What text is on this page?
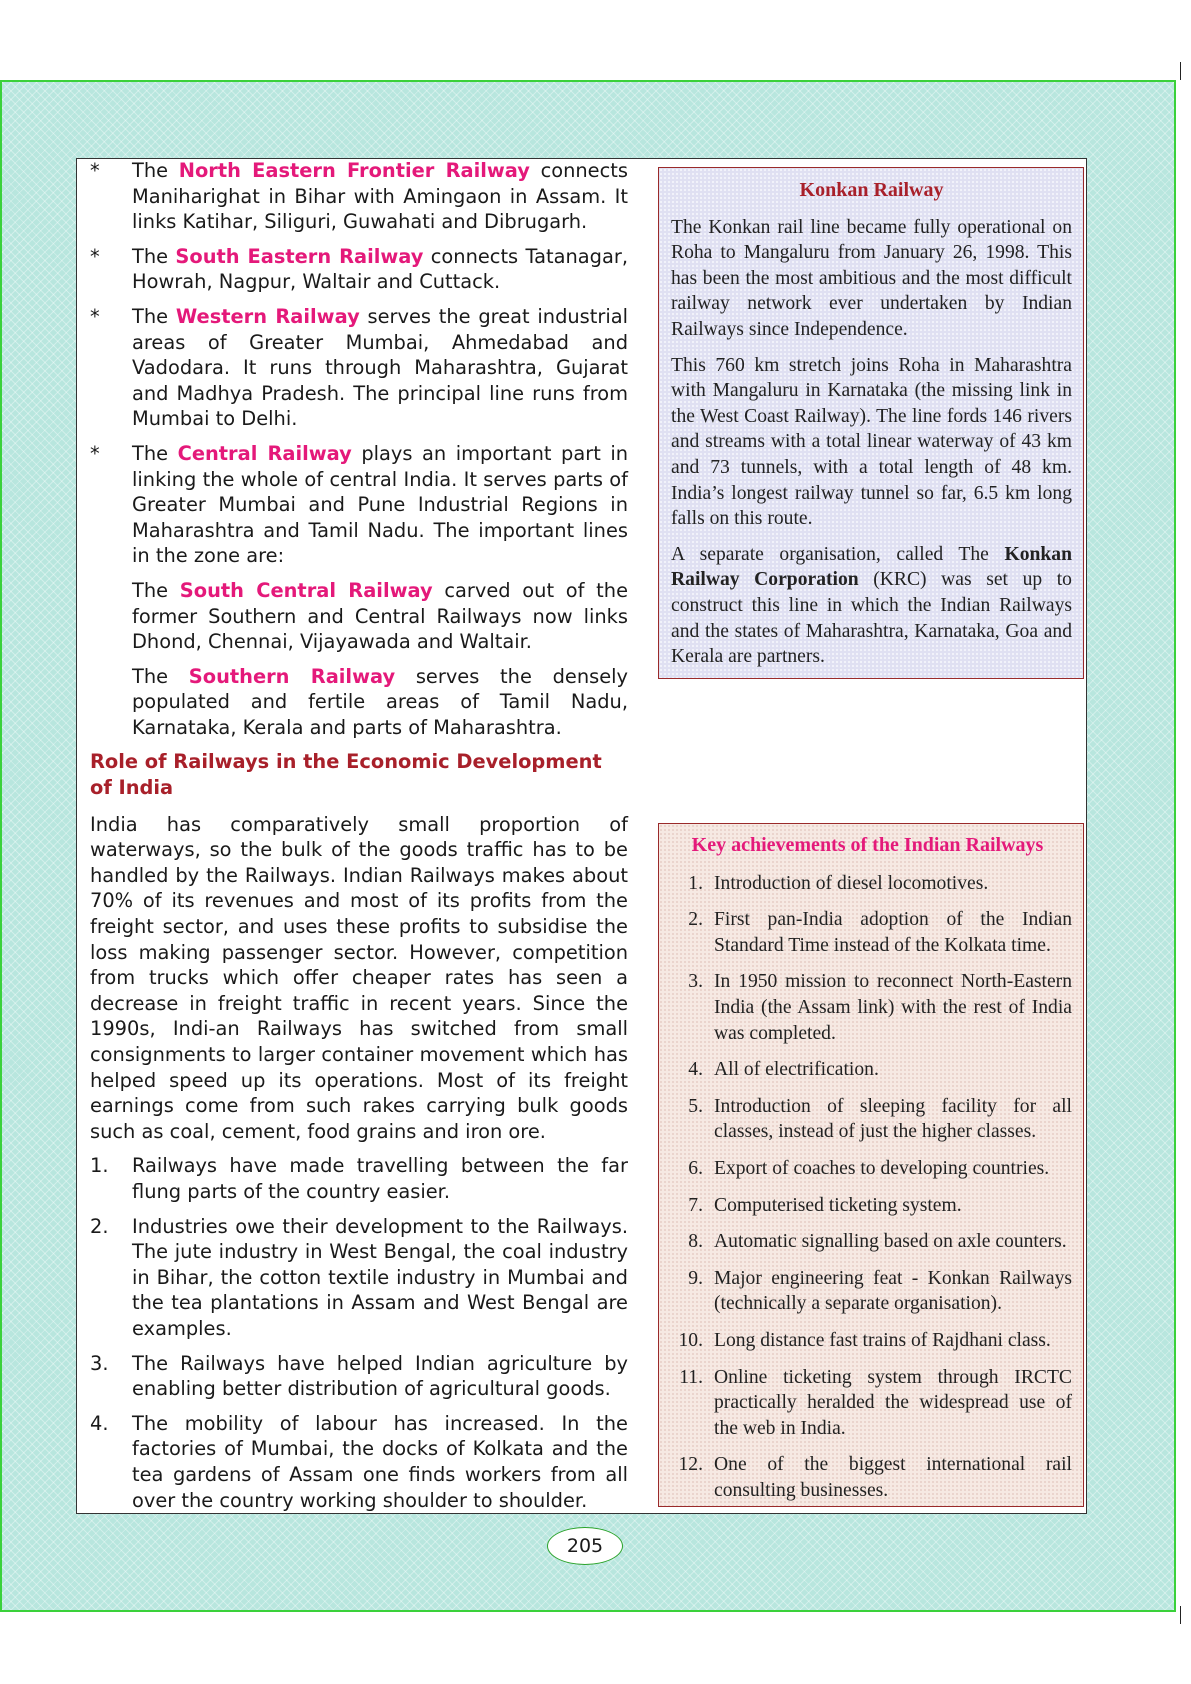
*	The North Eastern Frontier Railway connects Maniharighat in Bihar with Amingaon in Assam. It links Katihar, Siliguri, Guwahati and Dibrugarh.
*	The South Eastern Railway connects Tatanagar, Howrah, Nagpur, Waltair and Cuttack.
*	The Western Railway serves the great industrial areas of Greater Mumbai, Ahmedabad and Vadodara. It runs through Maharashtra, Gujarat and Madhya Pradesh. The principal line runs from Mumbai to Delhi.
*	The Central Railway plays an important part in linking the whole of central India. It serves parts of Greater Mumbai and Pune Industrial Regions in Maharashtra and Tamil Nadu. The important lines in the zone are:
The South Central Railway carved out of the former Southern and Central Railways now links Dhond, Chennai, Vijayawada and Waltair.
The Southern Railway serves the densely populated and fertile areas of Tamil Nadu, Karnataka, Kerala and parts of Maharashtra.
Role of Railways in the Economic Development of India
India has comparatively small proportion of waterways, so the bulk of the goods traffic has to be handled by the Railways. Indian Railways makes about 70% of its revenues and most of its profits from the freight sector, and uses these profits to subsidise the loss making passenger sector. However, competition from trucks which offer cheaper rates has seen a decrease in freight traffic in recent years. Since the 1990s, Indi-an Railways has switched from small consignments to larger container movement which has helped speed up its operations. Most of its freight earnings come from such rakes carrying bulk goods such as coal, cement, food grains and iron ore.
1. Railways have made travelling between the far flung parts of the country easier.
2. Industries owe their development to the Railways. The jute industry in West Bengal, the coal industry in Bihar, the cotton textile industry in Mumbai and the tea plantations in Assam and West Bengal are examples.
3. The Railways have helped Indian agriculture by enabling better distribution of agricultural goods.
4. The mobility of labour has increased. In the factories of Mumbai, the docks of Kolkata and the tea gardens of Assam one finds workers from all over the country working shoulder to shoulder.
Konkan Railway

The Konkan rail line became fully operational on Roha to Mangaluru from January 26, 1998. This has been the most ambitious and the most difficult railway network ever undertaken by Indian Railways since Independence.

This 760 km stretch joins Roha in Maharashtra with Mangaluru in Karnataka (the missing link in the West Coast Railway). The line fords 146 rivers and streams with a total linear waterway of 43 km and 73 tunnels, with a total length of 48 km. India’s longest railway tunnel so far, 6.5 km long falls on this route.

A separate organisation, called The Konkan Railway Corporation (KRC) was set up to construct this line in which the Indian Railways and the states of Maharashtra, Karnataka, Goa and Kerala are partners.

Key achievements of the Indian Railways
1. Introduction of diesel locomotives.
2. First pan-India adoption of the Indian Standard Time instead of the Kolkata time.
3. In 1950 mission to reconnect North-Eastern India (the Assam link) with the rest of India was completed.
4. All of electrification.
5. Introduction of sleeping facility for all classes, instead of just the higher classes.
6. Export of coaches to developing countries.
7. Computerised ticketing system.
8. Automatic signalling based on axle counters.
9. Major engineering feat - Konkan Railways (technically a separate organisation).
10. Long distance fast trains of Rajdhani class.
11. Online ticketing system through IRCTC practically heralded the widespread use of the web in India.
12. One of the biggest international rail consulting businesses.
205
